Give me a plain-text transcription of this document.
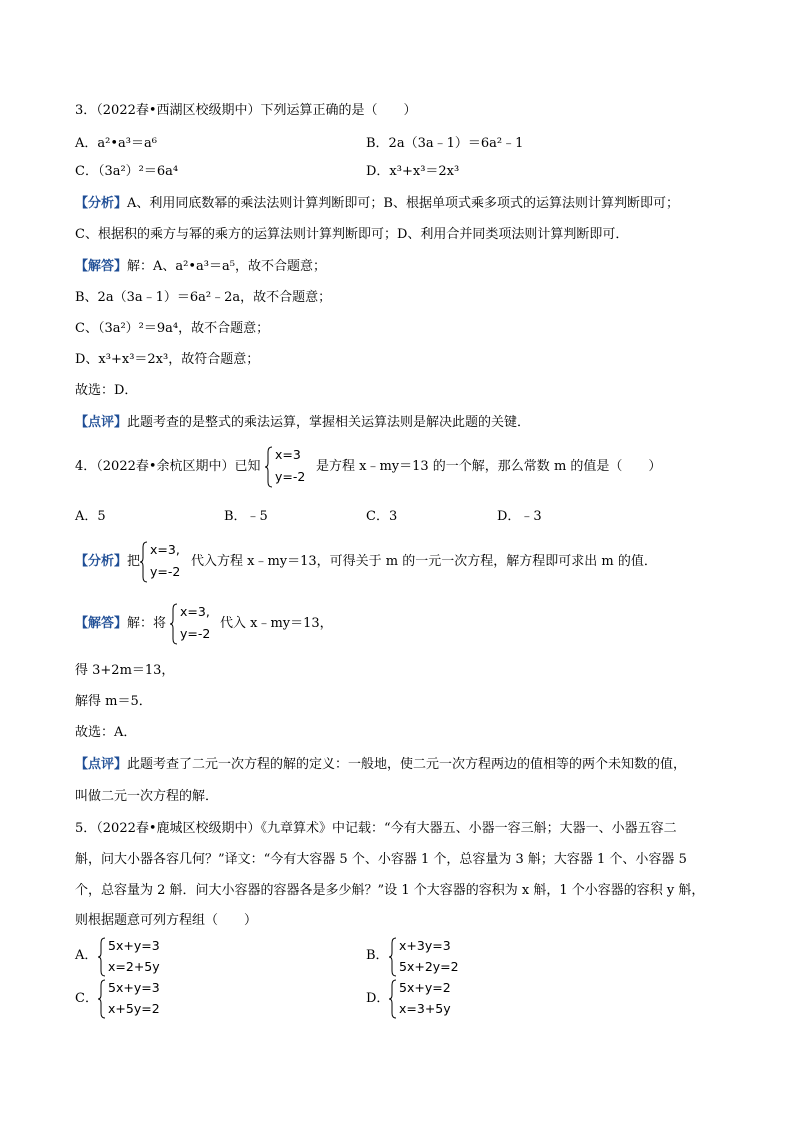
3．（2022春•西湖区校级期中）下列运算正确的是（　　）
A．a²•a³＝a⁶	B．2a（3a﹣1）＝6a²﹣1
C．（3a²）²＝6a⁴	D．x³+x³＝2x³
【分析】A、利用同底数幂的乘法法则计算判断即可；B、根据单项式乘多项式的运算法则计算判断即可；
C、根据积的乘方与幂的乘方的运算法则计算判断即可；D、利用合并同类项法则计算判断即可．
【解答】解：A、a²•a³＝a⁵，故不合题意；
B、2a（3a﹣1）＝6a²﹣2a，故不合题意；
C、（3a²）²＝9a⁴，故不合题意；
D、x³+x³＝2x³，故符合题意；
故选：D．
【点评】此题考查的是整式的乘法运算，掌握相关运算法则是解决此题的关键．
4．（2022春•余杭区期中）已知
x=3
y=-2
是方程 x﹣my＝13 的一个解，那么常数 m 的值是（　　）
A．5	B．﹣5	C．3	D．﹣3
【分析】把
x=3,
y=-2
代入方程 x﹣my＝13，可得关于 m 的一元一次方程，解方程即可求出 m 的值．
【解答】解：将
x=3,
y=-2
代入 x﹣my＝13，
得 3+2m＝13，
解得 m＝5．
故选：A．
【点评】此题考查了二元一次方程的解的定义：一般地，使二元一次方程两边的值相等的两个未知数的值，
叫做二元一次方程的解．
5．（2022春•鹿城区校级期中）《九章算术》中记载：“今有大器五、小器一容三斛；大器一、小器五容二
斛，问大小器各容几何？”译文：“今有大容器 5 个、小容器 1 个，总容量为 3 斛；大容器 1 个、小容器 5
个，总容量为 2 斛．问大小容器的容器各是多少斛？”设 1 个大容器的容积为 x 斛，1 个小容器的容积 y 斛，
则根据题意可列方程组（　　）
A．
5x+y=3
x=2+5y
B．
x+3y=3
5x+2y=2
C．
5x+y=3
x+5y=2
D．
5x+y=2
x=3+5y
